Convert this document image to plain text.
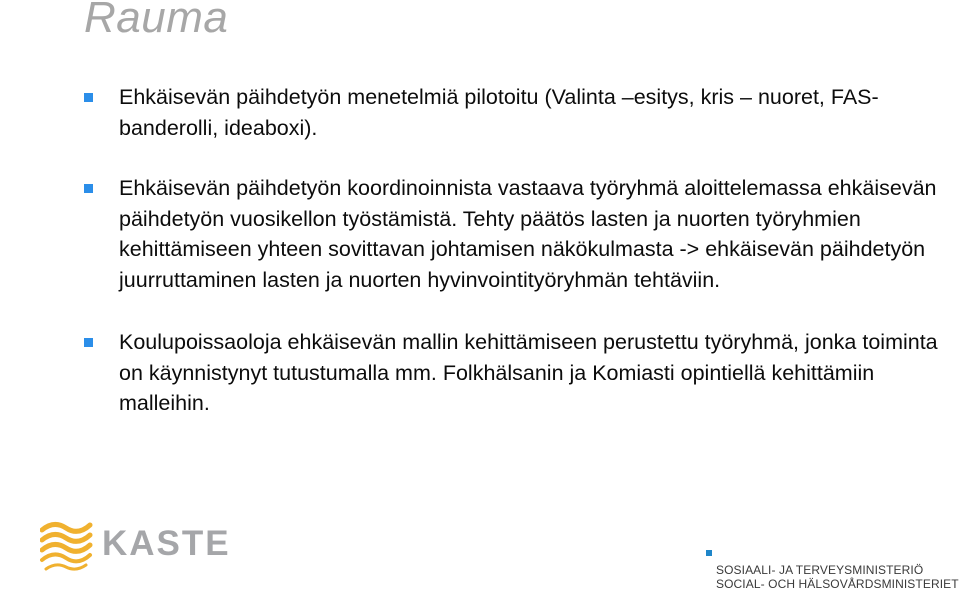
Rauma
Ehkäisevän päihdetyön menetelmiä pilotoitu (Valinta –esitys, kris – nuoret, FAS-banderolli, ideaboxi).
Ehkäisevän päihdetyön koordinoinnista vastaava työryhmä aloittelemassa ehkäisevän päihdetyön vuosikellon työstämistä. Tehty päätös lasten ja nuorten työryhmien kehittämiseen yhteen sovittavan johtamisen näkökulmasta -> ehkäisevän päihdetyön juurruttaminen lasten ja nuorten hyvinvointityöryhmän tehtäviin.
Koulupoissaoloja ehkäisevän mallin kehittämiseen perustettu työryhmä, jonka toiminta on käynnistynyt tutustumalla mm. Folkhälsanin ja Komiasti opintiellä kehittämiin malleihin.
KASTE
SOSIAALI- JA TERVEYSMINISTERIÖ
SOCIAL- OCH HÄLSOVÅRDSMINISTERIET
